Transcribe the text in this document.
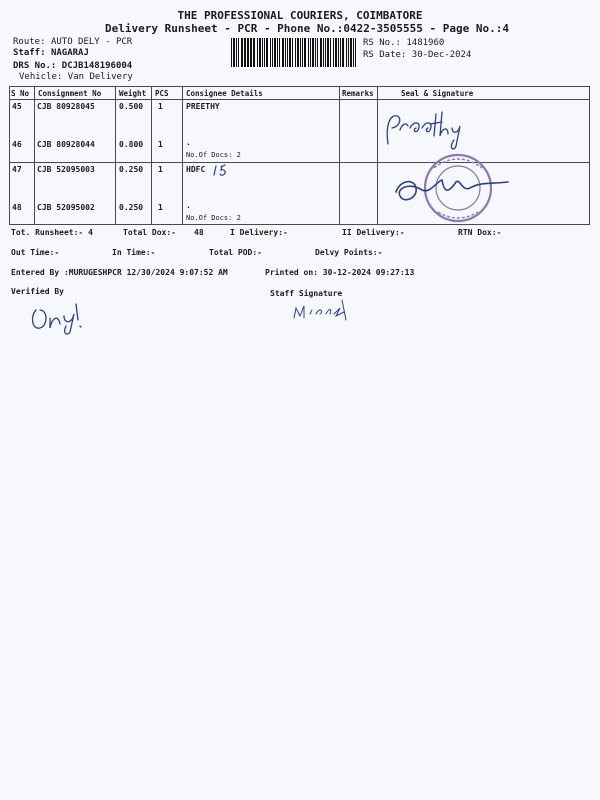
THE PROFESSIONAL COURIERS, COIMBATORE
Delivery Runsheet - PCR - Phone No.:0422-3505555 - Page No.:4
Route: AUTO DELY - PCR
Staff: NAGARAJ
DRS No.: DCJB148196004
Vehicle: Van Delivery
RS No.: 1481960
RS Date: 30-Dec-2024
S No Consignment No Weight PCS Consignee Details	Remarks	Seal & Signature
45 CJB 80928045	0.500 1	PREETHY
46 CJB 80928044	0.800 1	.
No.Of Docs: 2
47 CJB 52095003	0.250 1	HDFC
48 CJB 52095002	0.250 1	.
No.Of Docs: 2
Tot. Runsheet:- 4	Total Dox:- 48	I Delivery:-	II Delivery:-	RTN Dox:-
Out Time:-	In Time:-	Total POD:-	Delvy Points:-
Entered By :MURUGESHPCR 12/30/2024 9:07:52 AM	Printed on: 30-12-2024 09:27:13
Verified By	Staff Signature
